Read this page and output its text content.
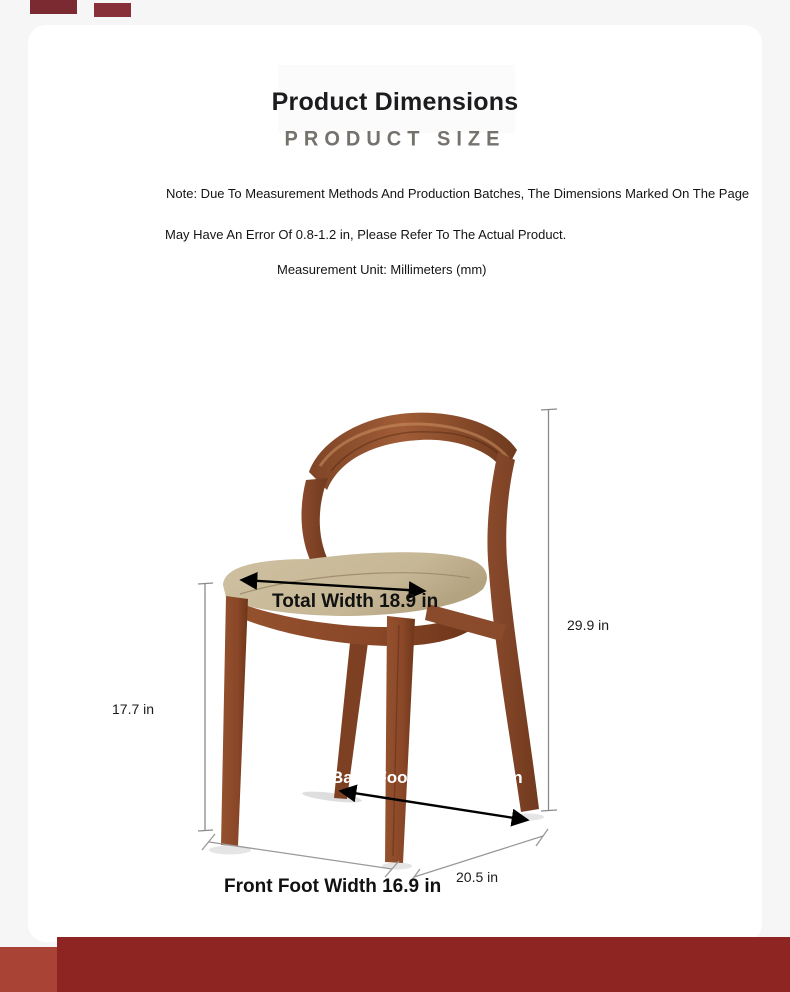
Product Dimensions
PRODUCT SIZE
Note: Due To Measurement Methods And Production Batches, The Dimensions Marked On The Page
May Have An Error Of 0.8-1.2 in, Please Refer To The Actual Product.
Measurement Unit: Millimeters (mm)
Total Width 18.9 in
29.9 in
17.7 in
Back Foot Width 15.7 in
Front Foot Width 16.9 in 20.5 in
